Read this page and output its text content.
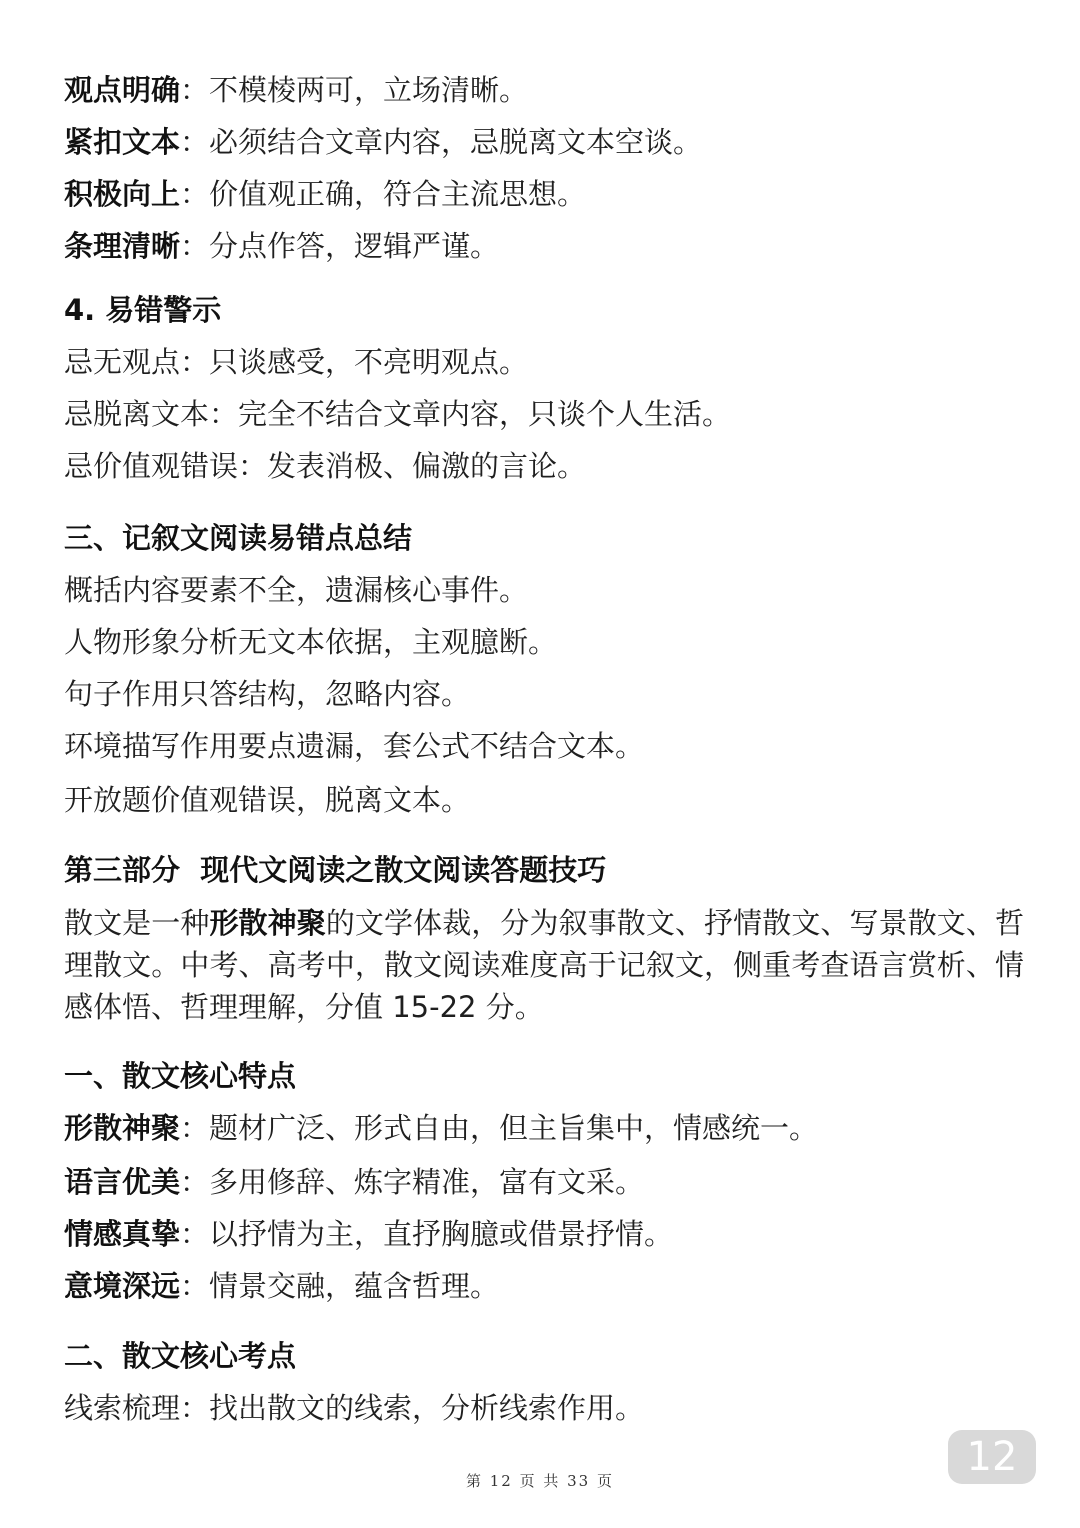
观点明确：不模棱两可，立场清晰。
紧扣文本：必须结合文章内容，忌脱离文本空谈。
积极向上：价值观正确，符合主流思想。
条理清晰：分点作答，逻辑严谨。
4. 易错警示
忌无观点：只谈感受，不亮明观点。
忌脱离文本：完全不结合文章内容，只谈个人生活。
忌价值观错误：发表消极、偏激的言论。
三、记叙文阅读易错点总结
概括内容要素不全，遗漏核心事件。
人物形象分析无文本依据，主观臆断。
句子作用只答结构，忽略内容。
环境描写作用要点遗漏，套公式不结合文本。
开放题价值观错误，脱离文本。
第三部分  现代文阅读之散文阅读答题技巧
散文是一种形散神聚的文学体裁，分为叙事散文、抒情散文、写景散文、哲理散文。中考、高考中，散文阅读难度高于记叙文，侧重考查语言赏析、情感体悟、哲理理解，分值 15-22 分。
一、散文核心特点
形散神聚：题材广泛、形式自由，但主旨集中，情感统一。
语言优美：多用修辞、炼字精准，富有文采。
情感真挚：以抒情为主，直抒胸臆或借景抒情。
意境深远：情景交融，蕴含哲理。
二、散文核心考点
线索梳理：找出散文的线索，分析线索作用。
12
第 12 页 共 33 页
